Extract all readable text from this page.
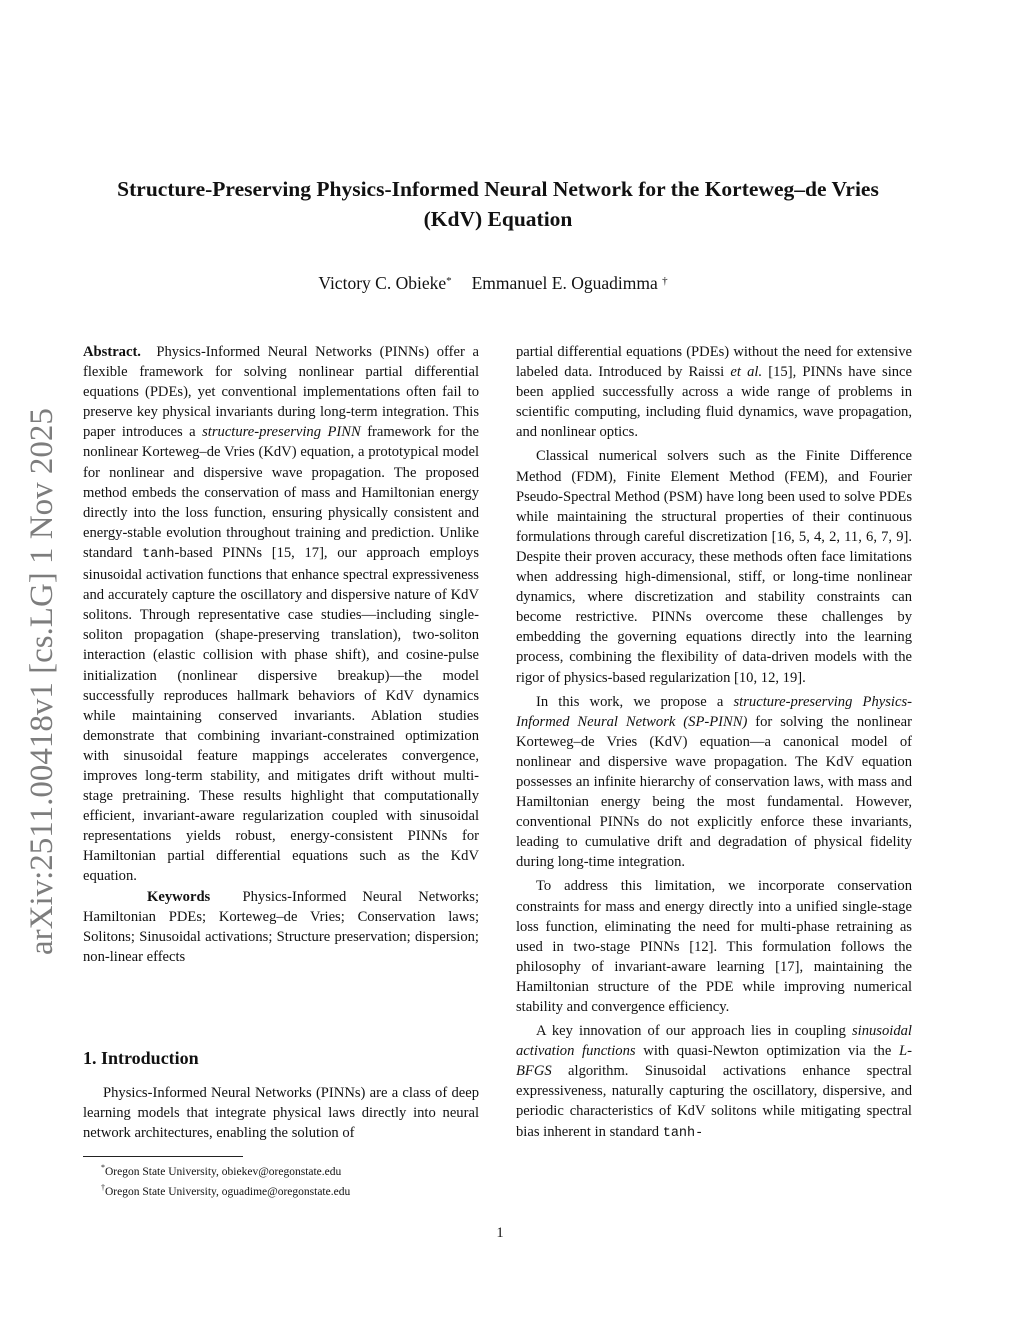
arXiv:2511.00418v1 [cs.LG] 1 Nov 2025
Structure-Preserving Physics-Informed Neural Network for the Korteweg–de Vries (KdV) Equation
Victory C. Obieke* Emmanuel E. Oguadimma †

Abstract. Physics-Informed Neural Networks (PINNs) offer a flexible framework for solving nonlinear partial differential equations (PDEs), yet conventional implementations often fail to preserve key physical invariants during long-term integration. This paper introduces a structure-preserving PINN framework for the nonlinear Korteweg–de Vries (KdV) equation, a prototypical model for nonlinear and dispersive wave propagation. The proposed method embeds the conservation of mass and Hamiltonian energy directly into the loss function, ensuring physically consistent and energy-stable evolution throughout training and prediction. Unlike standard tanh-based PINNs [15, 17], our approach employs sinusoidal activation functions that enhance spectral expressiveness and accurately capture the oscillatory and dispersive nature of KdV solitons. Through representative case studies—including single-soliton propagation (shape-preserving translation), two-soliton interaction (elastic collision with phase shift), and cosine-pulse initialization (nonlinear dispersive breakup)—the model successfully reproduces hallmark behaviors of KdV dynamics while maintaining conserved invariants. Ablation studies demonstrate that combining invariant-constrained optimization with sinusoidal feature mappings accelerates convergence, improves long-term stability, and mitigates drift without multi-stage pretraining. These results highlight that computationally efficient, invariant-aware regularization coupled with sinusoidal representations yields robust, energy-consistent PINNs for Hamiltonian partial differential equations such as the KdV equation.

Keywords Physics-Informed Neural Networks; Hamiltonian PDEs; Korteweg–de Vries; Conservation laws; Solitons; Sinusoidal activations; Structure preservation; dispersion; non-linear effects

1. Introduction

Physics-Informed Neural Networks (PINNs) are a class of deep learning models that integrate physical laws directly into neural network architectures, enabling the solution of

*Oregon State University, obiekev@oregonstate.edu
†Oregon State University, oguadime@oregonstate.edu

partial differential equations (PDEs) without the need for extensive labeled data. Introduced by Raissi et al. [15], PINNs have since been applied successfully across a wide range of problems in scientific computing, including fluid dynamics, wave propagation, and nonlinear optics.

Classical numerical solvers such as the Finite Difference Method (FDM), Finite Element Method (FEM), and Fourier Pseudo-Spectral Method (PSM) have long been used to solve PDEs while maintaining the structural properties of their continuous formulations through careful discretization [16, 5, 4, 2, 11, 6, 7, 9]. Despite their proven accuracy, these methods often face limitations when addressing high-dimensional, stiff, or long-time nonlinear dynamics, where discretization and stability constraints can become restrictive. PINNs overcome these challenges by embedding the governing equations directly into the learning process, combining the flexibility of data-driven models with the rigor of physics-based regularization [10, 12, 19].

In this work, we propose a structure-preserving Physics-Informed Neural Network (SP-PINN) for solving the nonlinear Korteweg–de Vries (KdV) equation—a canonical model of nonlinear and dispersive wave propagation. The KdV equation possesses an infinite hierarchy of conservation laws, with mass and Hamiltonian energy being the most fundamental. However, conventional PINNs do not explicitly enforce these invariants, leading to cumulative drift and degradation of physical fidelity during long-time integration.

To address this limitation, we incorporate conservation constraints for mass and energy directly into a unified single-stage loss function, eliminating the need for multi-phase retraining as used in two-stage PINNs [12]. This formulation follows the philosophy of invariant-aware learning [17], maintaining the Hamiltonian structure of the PDE while improving numerical stability and convergence efficiency.

A key innovation of our approach lies in coupling sinusoidal activation functions with quasi-Newton optimization via the L-BFGS algorithm. Sinusoidal activations enhance spectral expressiveness, naturally capturing the oscillatory, dispersive, and periodic characteristics of KdV solitons while mitigating spectral bias inherent in standard tanh-

1
